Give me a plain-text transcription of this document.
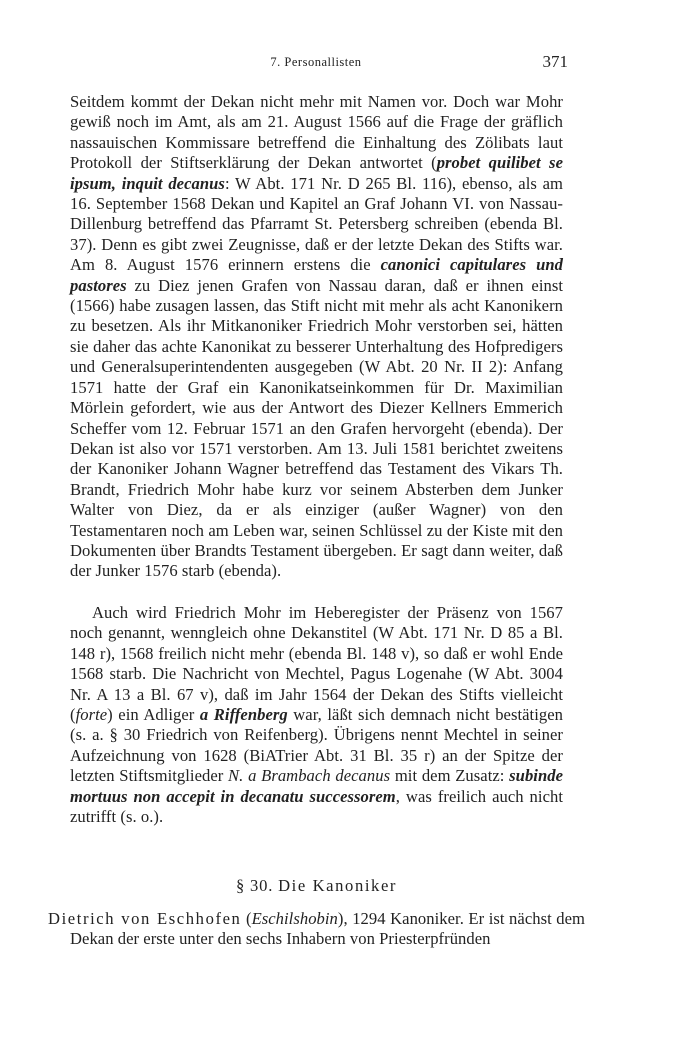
7. Personallisten	371
Seitdem kommt der Dekan nicht mehr mit Namen vor. Doch war Mohr gewiß noch im Amt, als am 21. August 1566 auf die Frage der gräflich nassauischen Kommissare betreffend die Einhaltung des Zölibats laut Protokoll der Stiftserklärung der Dekan antwortet (probet quilibet se ipsum, inquit decanus: W Abt. 171 Nr. D 265 Bl. 116), ebenso, als am 16. September 1568 Dekan und Kapitel an Graf Johann VI. von Nassau-Dillenburg betreffend das Pfarramt St. Petersberg schreiben (ebenda Bl. 37). Denn es gibt zwei Zeugnisse, daß er der letzte Dekan des Stifts war. Am 8. August 1576 erinnern erstens die canonici capitulares und pastores zu Diez jenen Grafen von Nassau daran, daß er ihnen einst (1566) habe zusagen lassen, das Stift nicht mit mehr als acht Kanonikern zu besetzen. Als ihr Mitkanoniker Friedrich Mohr verstorben sei, hätten sie daher das achte Kanonikat zu besserer Unterhaltung des Hofpredigers und Generalsuperintendenten ausgegeben (W Abt. 20 Nr. II 2): Anfang 1571 hatte der Graf ein Kanonikatseinkommen für Dr. Maximilian Mörlein gefordert, wie aus der Antwort des Diezer Kellners Emmerich Scheffer vom 12. Februar 1571 an den Grafen hervorgeht (ebenda). Der Dekan ist also vor 1571 verstorben. Am 13. Juli 1581 berichtet zweitens der Kanoniker Johann Wagner betreffend das Testament des Vikars Th. Brandt, Friedrich Mohr habe kurz vor seinem Absterben dem Junker Walter von Diez, da er als einziger (außer Wagner) von den Testamentaren noch am Leben war, seinen Schlüssel zu der Kiste mit den Dokumenten über Brandts Testament übergeben. Er sagt dann weiter, daß der Junker 1576 starb (ebenda).
Auch wird Friedrich Mohr im Heberegister der Präsenz von 1567 noch genannt, wenngleich ohne Dekanstitel (W Abt. 171 Nr. D 85 a Bl. 148 r), 1568 freilich nicht mehr (ebenda Bl. 148 v), so daß er wohl Ende 1568 starb. Die Nachricht von Mechtel, Pagus Logenahe (W Abt. 3004 Nr. A 13 a Bl. 67 v), daß im Jahr 1564 der Dekan des Stifts vielleicht (forte) ein Adliger a Riffenberg war, läßt sich demnach nicht bestätigen (s. a. § 30 Friedrich von Reifenberg). Übrigens nennt Mechtel in seiner Aufzeichnung von 1628 (BiATrier Abt. 31 Bl. 35 r) an der Spitze der letzten Stiftsmitglieder N. a Brambach decanus mit dem Zusatz: subinde mortuus non accepit in decanatu successorem, was freilich auch nicht zutrifft (s. o.).
§ 30. Die Kanoniker
Dietrich von Eschhofen (Eschilshobin), 1294 Kanoniker. Er ist nächst dem Dekan der erste unter den sechs Inhabern von Priesterpfründen
